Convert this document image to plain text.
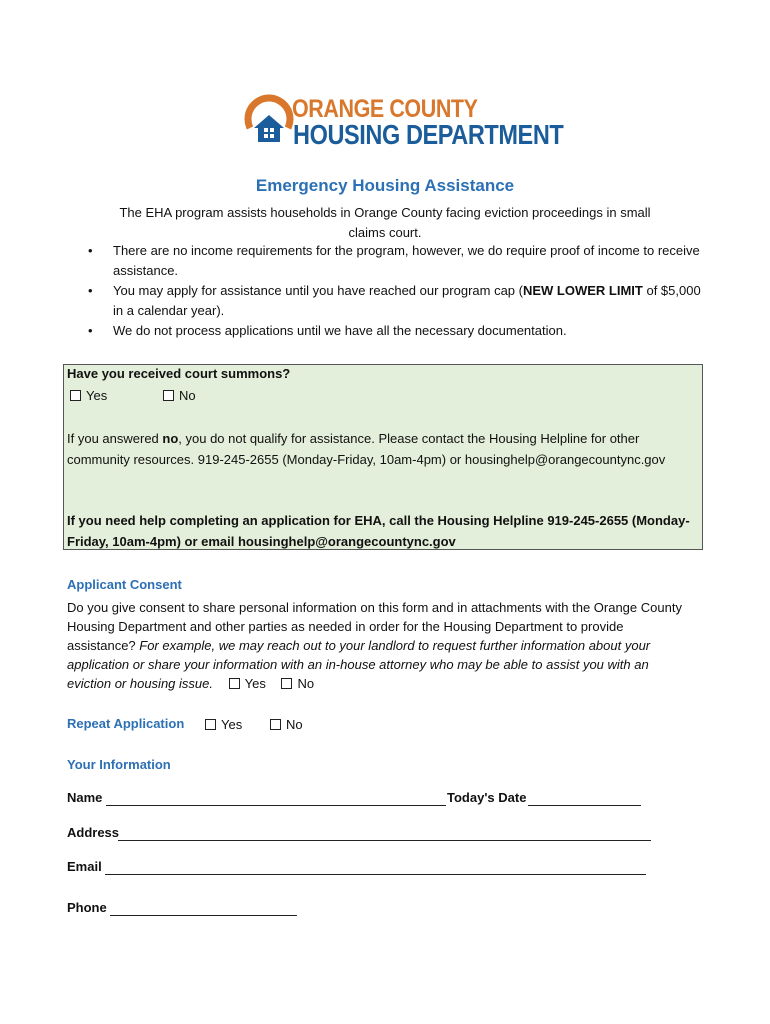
ORANGE COUNTY
HOUSING DEPARTMENT
Emergency Housing Assistance
The EHA program assists households in Orange County facing eviction proceedings in small claims court.
• There are no income requirements for the program, however, we do require proof of income to receive assistance.
• You may apply for assistance until you have reached our program cap (NEW LOWER LIMIT of $5,000 in a calendar year).
• We do not process applications until we have all the necessary documentation.
Have you received court summons?
Yes	No
If you answered no, you do not qualify for assistance. Please contact the Housing Helpline for other community resources. 919-245-2655 (Monday-Friday, 10am-4pm) or housinghelp@orangecountync.gov
If you need help completing an application for EHA, call the Housing Helpline 919-245-2655 (Monday-Friday, 10am-4pm) or email housinghelp@orangecountync.gov
Applicant Consent
Do you give consent to share personal information on this form and in attachments with the Orange County Housing Department and other parties as needed in order for the Housing Department to provide assistance? For example, we may reach out to your landlord to request further information about your application or share your information with an in-house attorney who may be able to assist you with an eviction or housing issue. Yes No
Repeat Application	Yes	No
Your Information
Name	Today's Date
Address
Email
Phone
